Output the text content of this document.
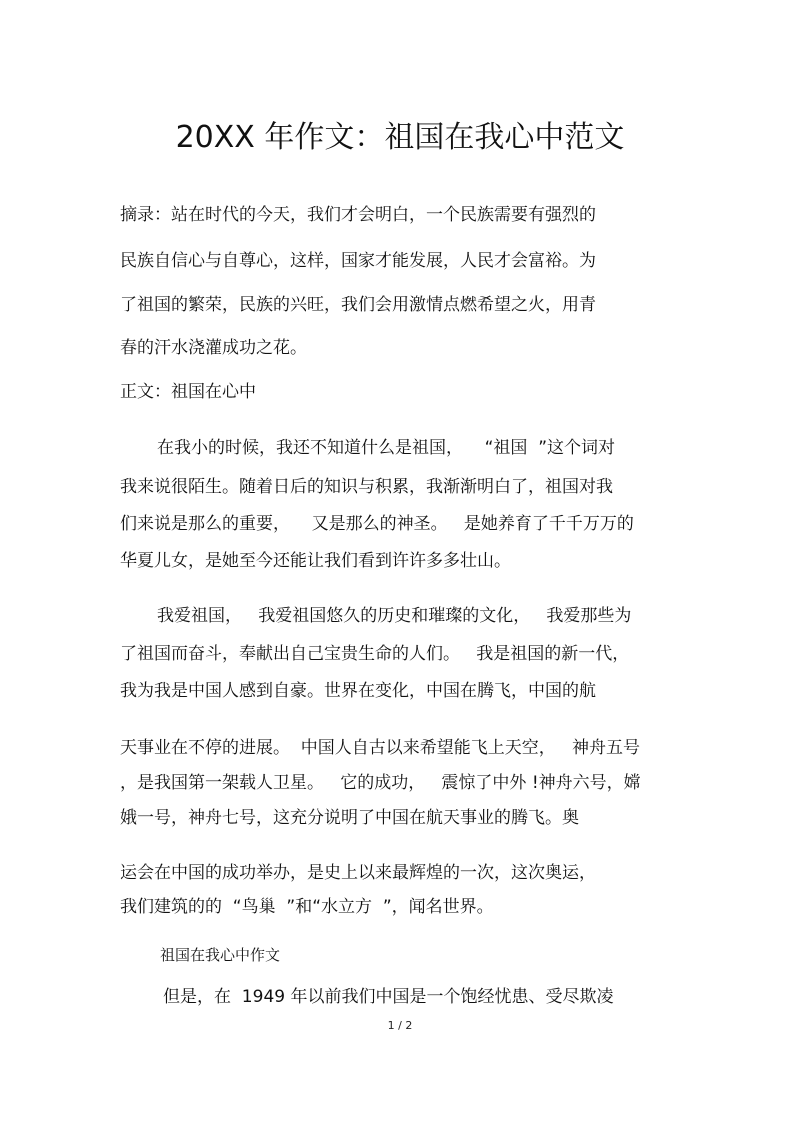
20XX 年作文：祖国在我心中范文
摘录：站在时代的今天，我们才会明白，一个民族需要有强烈的
民族自信心与自尊心，这样，国家才能发展，人民才会富裕。为
了祖国的繁荣，民族的兴旺，我们会用激情点燃希望之火，用青
春的汗水浇灌成功之花。
正文：祖国在心中
在我小的时候，我还不知道什么是祖国，    “祖国  ”这个词对
我来说很陌生。随着日后的知识与积累，我渐渐明白了，祖国对我
们来说是那么的重要，    又是那么的神圣。   是她养育了千千万万的
华夏儿女，是她至今还能让我们看到许许多多壮山。
我爱祖国，   我爱祖国悠久的历史和璀璨的文化，   我爱那些为
了祖国而奋斗，奉献出自己宝贵生命的人们。   我是祖国的新一代，
我为我是中国人感到自豪。世界在变化，中国在腾飞，中国的航
天事业在不停的进展。  中国人自古以来希望能飞上天空，   神舟五号
，是我国第一架载人卫星。   它的成功，   震惊了中外 !神舟六号，嫦
娥一号，神舟七号，这充分说明了中国在航天事业的腾飞。奥
运会在中国的成功举办，是史上以来最辉煌的一次，这次奥运，
我们建筑的的  “鸟巢  ”和“水立方  ”，闻名世界。
祖国在我心中作文
但是，在  1949 年以前我们中国是一个饱经忧患、受尽欺凌
1 / 2
